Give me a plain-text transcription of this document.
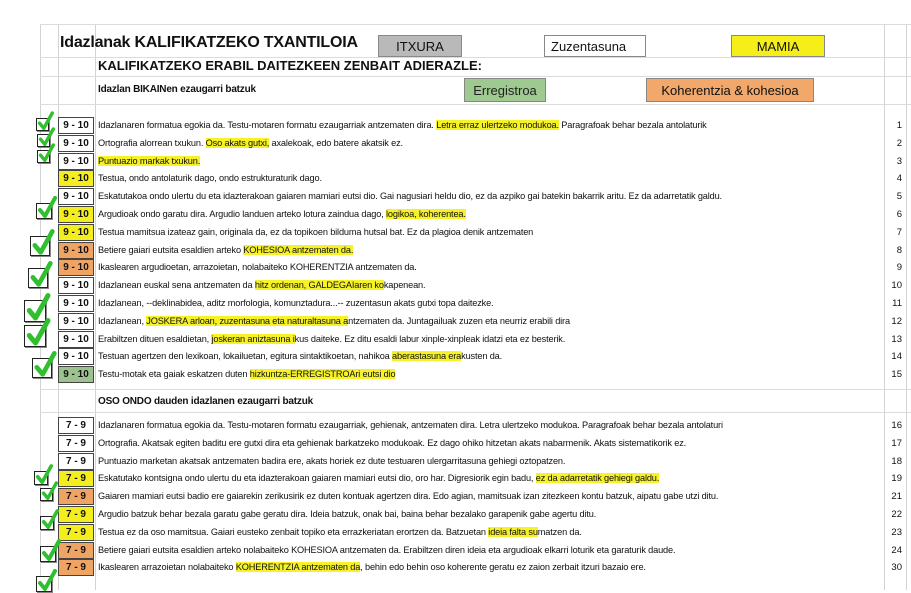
Idazlanak KALIFIKATZEKO TXANTILOIA	ITXURA	Zuzentasuna	MAMIA
KALIFIKATZEKO ERABIL DAITEZKEEN ZENBAIT ADIERAZLE:
Idazlan BIKAINen ezaugarri batzuk	Erregistroa	Koherentzia & kohesioa
9 - 10	Idazlanaren formatua egokia da. Testu-motaren formatu ezaugarriak antzematen dira. Letra erraz ulertzeko modukoa. Paragrafoak behar bezala antolaturik	1
9 - 10	Ortografia alorrean txukun. Oso akats gutxi, axalekoak, edo batere akatsik ez.	2
9 - 10	Puntuazio markak txukun.	3
9 - 10	Testua, ondo antolaturik dago, ondo estrukturaturik dago.	4
9 - 10	Eskatutakoa ondo ulertu du eta idazterakoan gaiaren mamiari eutsi dio. Gai nagusiari heldu dio, ez da azpiko gai batekin bakarrik aritu. Ez da adarretatik galdu.	5
9 - 10	Argudioak ondo garatu dira. Argudio landuen arteko lotura zaindua dago, logikoa, koherentea.	6
9 - 10	Testua mamitsua izateaz gain, originala da, ez da topikoen bilduma hutsal bat. Ez da plagioa denik antzematen	7
9 - 10	Betiere gaiari eutsita esaldien arteko KOHESIOA antzematen da.	8
9 - 10	Ikaslearen argudioetan, arrazoietan, nolabaiteko KOHERENTZIA antzematen da.	9
9 - 10	Idazlanean euskal sena antzematen da hitz ordenan, GALDEGAIaren kokapenean.	10
9 - 10	Idazlanean, --deklinabidea, aditz morfologia, komunztadura...-- zuzentasun akats gutxi topa daitezke.	11
9 - 10	Idazlanean, JOSKERA arloan, zuzentasuna eta naturaltasuna antzematen da. Juntagailuak zuzen eta neurriz erabili dira	12
9 - 10	Erabiltzen dituen esaldietan, joskeran aniztasuna ikus daiteke. Ez ditu esaldi labur xinple-xinpleak idatzi eta ez besterik.	13
9 - 10	Testuan agertzen den lexikoan, lokailuetan, egitura sintaktikoetan, nahikoa aberastasuna erakusten da.	14
9 - 10	Testu-motak eta gaiak eskatzen duten hizkuntza-ERREGISTROAri eutsi dio	15
OSO ONDO dauden idazlanen ezaugarri batzuk
7 - 9	Idazlanaren formatua egokia da. Testu-motaren formatu ezaugarriak, gehienak, antzematen dira. Letra ulertzeko modukoa. Paragrafoak behar bezala antolaturi	16
7 - 9	Ortografia. Akatsak egiten baditu ere gutxi dira eta gehienak barkatzeko modukoak. Ez dago ohiko hitzetan akats nabarmenik. Akats sistematikorik ez.	17
7 - 9	Puntuazio marketan akatsak antzematen badira ere, akats horiek ez dute testuaren ulergarritasuna gehiegi oztopatzen.	18
7 - 9	Eskatutako kontsigna ondo ulertu du eta idazterakoan gaiaren mamiari eutsi dio, oro har. Digresiorik egin badu, ez da adarretatik gehiegi galdu.	19
7 - 9	Gaiaren mamiari eutsi badio ere gaiarekin zerikusirik ez duten kontuak agertzen dira. Edo agian, mamitsuak izan zitezkeen kontu batzuk, aipatu gabe utzi ditu.	21
7 - 9	Argudio batzuk behar bezala garatu gabe geratu dira. Ideia batzuk, onak bai, baina behar bezalako garapenik gabe agertu ditu.	22
7 - 9	Testua ez da oso mamitsua. Gaiari eusteko zenbait topiko eta errazkeriatan erortzen da. Batzuetan ideia falta sumatzen da.	23
7 - 9	Betiere gaiari eutsita esaldien arteko nolabaiteko KOHESIOA antzematen da. Erabiltzen diren ideia eta argudioak elkarri loturik eta garaturik daude.	24
7 - 9	Ikaslearen arrazoietan nolabaiteko KOHERENTZIA antzematen da, behin edo behin oso koherente geratu ez zaion zerbait itzuri bazaio ere.	30
